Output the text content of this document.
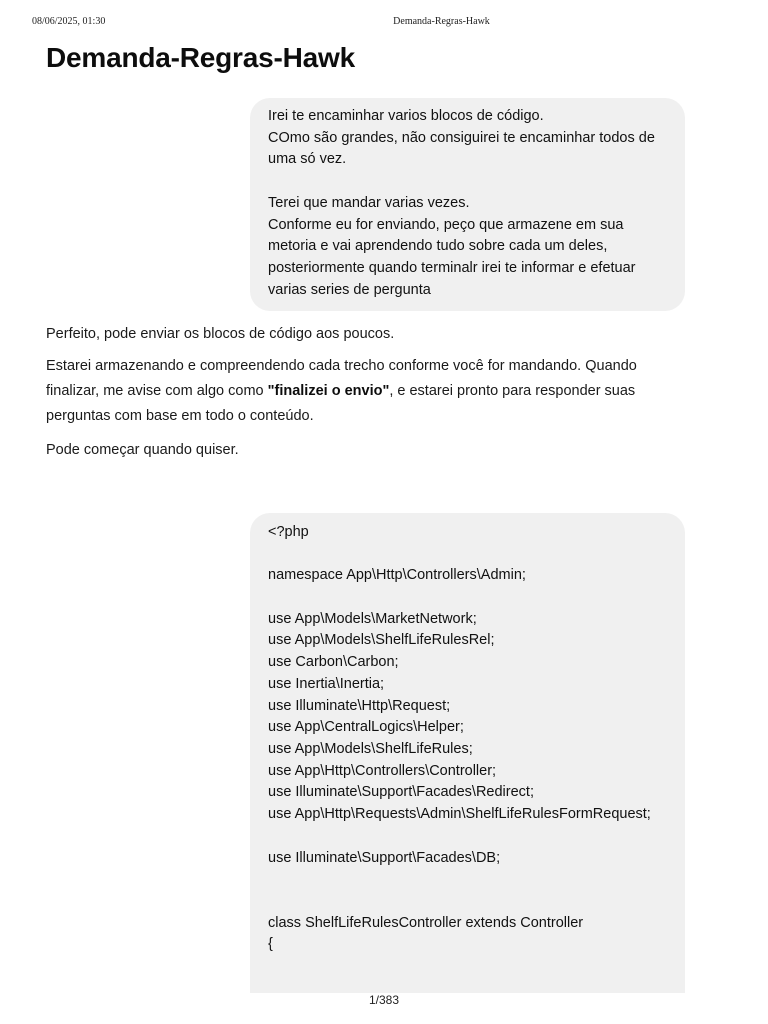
08/06/2025, 01:30	Demanda-Regras-Hawk
Demanda-Regras-Hawk
Irei te encaminhar varios blocos de código.
COmo são grandes, não consiguirei te encaminhar todos de
uma só vez.
Terei que mandar varias vezes.
Conforme eu for enviando, peço que armazene em sua
metoria e vai aprendendo tudo sobre cada um deles,
posteriormente quando terminalr irei te informar e efetuar
varias series de pergunta

Perfeito, pode enviar os blocos de código aos poucos.

Estarei armazenando e compreendendo cada trecho conforme você for mandando. Quando finalizar, me avise com algo como "finalizei o envio", e estarei pronto para responder suas perguntas com base em todo o conteúdo.

Pode começar quando quiser.

<?php
namespace App\Http\Controllers\Admin;
use App\Models\MarketNetwork;
use App\Models\ShelfLifeRulesRel;
use Carbon\Carbon;
use Inertia\Inertia;
use Illuminate\Http\Request;
use App\CentralLogics\Helper;
use App\Models\ShelfLifeRules;
use App\Http\Controllers\Controller;
use Illuminate\Support\Facades\Redirect;
use App\Http\Requests\Admin\ShelfLifeRulesFormRequest;
use Illuminate\Support\Facades\DB;
class ShelfLifeRulesController extends Controller
{
1/383
